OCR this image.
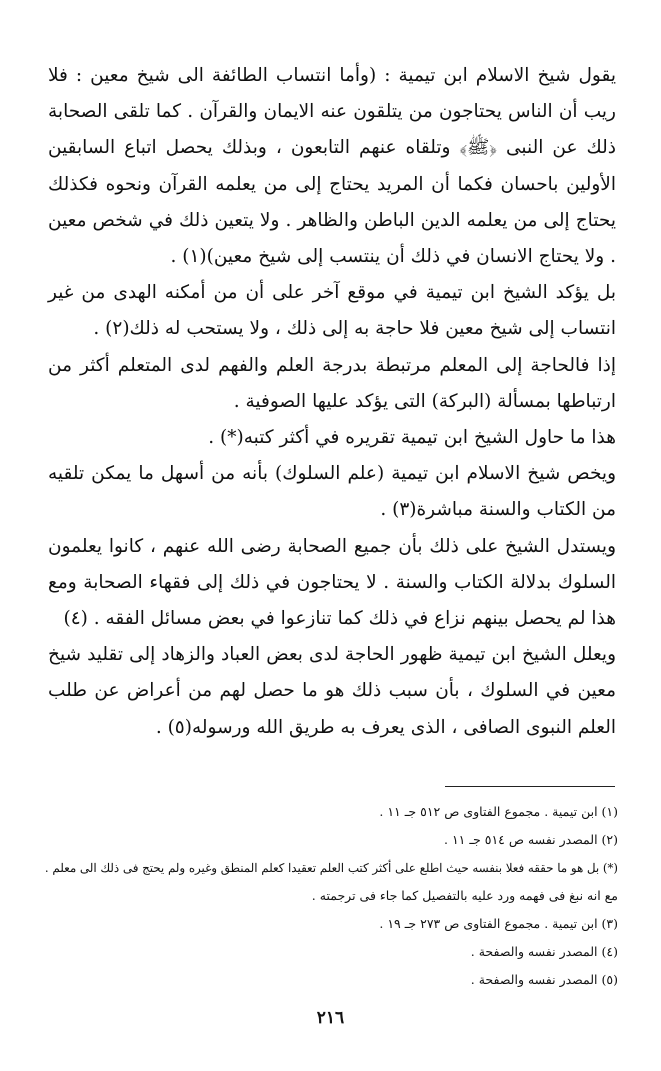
يقول شيخ الاسلام ابن تيمية : (وأما انتساب الطائفة الى شيخ معين : فلا ريب أن الناس يحتاجون من يتلقون عنه الايمان والقرآن . كما تلقى الصحابة ذلك عن النبى ﴿ﷺ﴾ وتلقاه عنهم التابعون ، وبذلك يحصل اتباع السابقين الأولين باحسان فكما أن المريد يحتاج إلى من يعلمه القرآن ونحوه فكذلك يحتاج إلى من يعلمه الدين الباطن والظاهر . ولا يتعين ذلك في شخص معين . ولا يحتاج الانسان في ذلك أن ينتسب إلى شيخ معين)(١) .

بل يؤكد الشيخ ابن تيمية في موقع آخر على أن من أمكنه الهدى من غير انتساب إلى شيخ معين فلا حاجة به إلى ذلك ، ولا يستحب له ذلك(٢) .

إذا فالحاجة إلى المعلم مرتبطة بدرجة العلم والفهم لدى المتعلم أكثر من ارتباطها بمسألة (البركة) التى يؤكد عليها الصوفية .

هذا ما حاول الشيخ ابن تيمية تقريره في أكثر كتبه(*) .

ويخص شيخ الاسلام ابن تيمية (علم السلوك) بأنه من أسهل ما يمكن تلقيه من الكتاب والسنة مباشرة(٣) .

ويستدل الشيخ على ذلك بأن جميع الصحابة رضى الله عنهم ، كانوا يعلمون السلوك بدلالة الكتاب والسنة . لا يحتاجون في ذلك إلى فقهاء الصحابة ومع هذا لم يحصل بينهم نزاع في ذلك كما تنازعوا في بعض مسائل الفقه . (٤)

ويعلل الشيخ ابن تيمية ظهور الحاجة لدى بعض العباد والزهاد إلى تقليد شيخ معين في السلوك ، بأن سبب ذلك هو ما حصل لهم من أعراض عن طلب العلم النبوى الصافى ، الذى يعرف به طريق الله ورسوله(٥) .

(١) ابن تيمية . مجموع الفتاوى ص ٥١٢ جـ ١١ .
(٢) المصدر نفسه ص ٥١٤ جـ ١١ .
(*) بل هو ما حققه فعلا بنفسه حيث اطلع على أكثر كتب العلم تعقيدا كعلم المنطق وغيره ولم يحتج فى ذلك الى معلم .
مع انه نبغ فى فهمه ورد عليه بالتفصيل كما جاء فى ترجمته .
(٣) ابن تيمية . مجموع الفتاوى ص ٢٧٣ جـ ١٩ .
(٤) المصدر نفسه والصفحة .
(٥) المصدر نفسه والصفحة .
٢١٦
